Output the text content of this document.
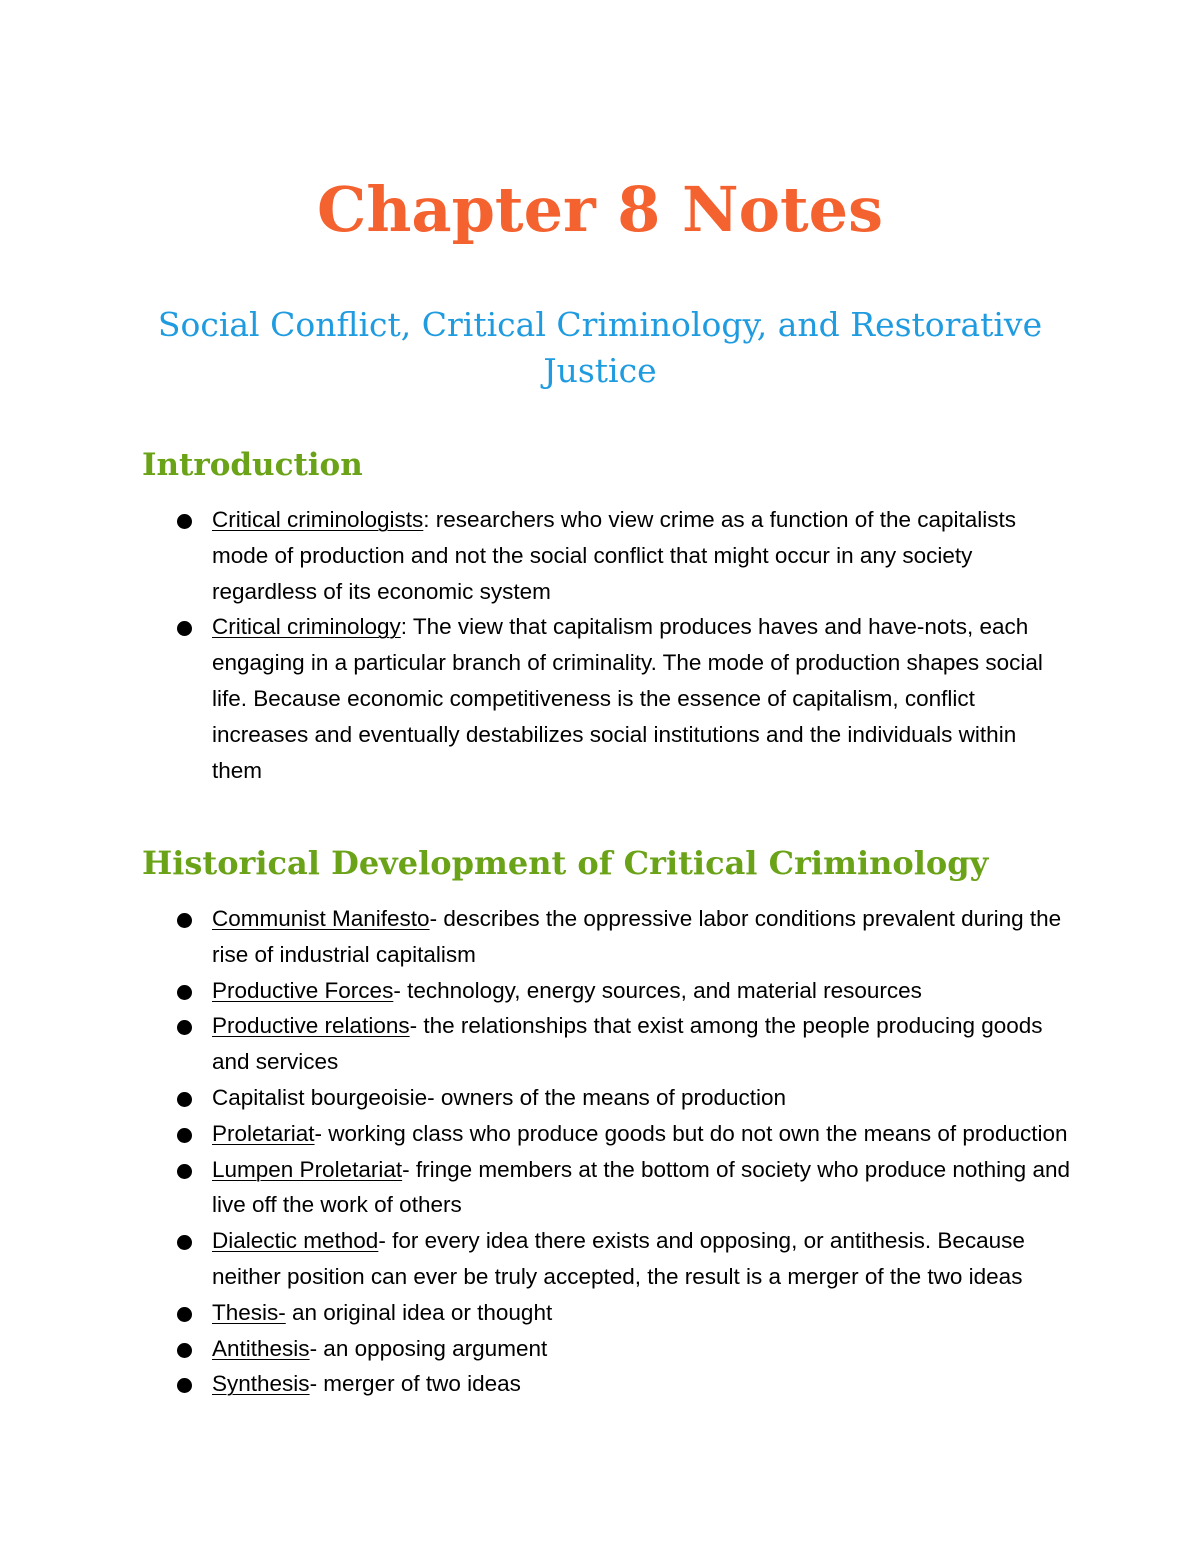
Chapter 8 Notes
Social Conflict, Critical Criminology, and Restorative Justice
Introduction
Critical criminologists: researchers who view crime as a function of the capitalists mode of production and not the social conflict that might occur in any society regardless of its economic system
Critical criminology: The view that capitalism produces haves and have-nots, each engaging in a particular branch of criminality. The mode of production shapes social life. Because economic competitiveness is the essence of capitalism, conflict increases and eventually destabilizes social institutions and the individuals within them
Historical Development of Critical Criminology
Communist Manifesto- describes the oppressive labor conditions prevalent during the rise of industrial capitalism
Productive Forces- technology, energy sources, and material resources
Productive relations- the relationships that exist among the people producing goods and services
Capitalist bourgeoisie- owners of the means of production
Proletariat- working class who produce goods but do not own the means of production
Lumpen Proletariat- fringe members at the bottom of society who produce nothing and live off the work of others
Dialectic method- for every idea there exists and opposing, or antithesis. Because neither position can ever be truly accepted, the result is a merger of the two ideas
Thesis- an original idea or thought
Antithesis- an opposing argument
Synthesis- merger of two ideas
